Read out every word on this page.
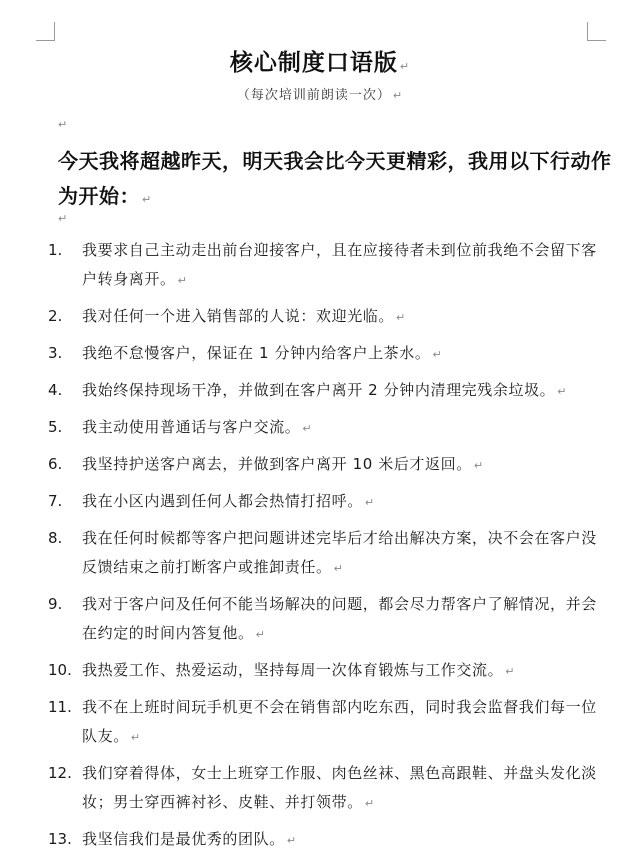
核心制度口语版 ↵
（每次培训前朗读一次） ↵
↵
今天我将超越昨天，明天我会比今天更精彩，我用以下行动作为开始： ↵
↵
1.	我要求自己主动走出前台迎接客户，且在应接待者未到位前我绝不会留下客户转身离开。 ↵
2.	我对任何一个进入销售部的人说：欢迎光临。 ↵
3.	我绝不怠慢客户，保证在 1 分钟内给客户上茶水。 ↵
4.	我始终保持现场干净，并做到在客户离开 2 分钟内清理完残余垃圾。 ↵
5.	我主动使用普通话与客户交流。 ↵
6.	我坚持护送客户离去，并做到客户离开 10 米后才返回。 ↵
7.	我在小区内遇到任何人都会热情打招呼。 ↵
8.	我在任何时候都等客户把问题讲述完毕后才给出解决方案，决不会在客户没反馈结束之前打断客户或推卸责任。 ↵
9.	我对于客户问及任何不能当场解决的问题，都会尽力帮客户了解情况，并会在约定的时间内答复他。 ↵
10. 我热爱工作、热爱运动，坚持每周一次体育锻炼与工作交流。 ↵
11. 我不在上班时间玩手机更不会在销售部内吃东西，同时我会监督我们每一位队友。 ↵
12. 我们穿着得体，女士上班穿工作服、肉色丝袜、黑色高跟鞋、并盘头发化淡妆；男士穿西裤衬衫、皮鞋、并打领带。 ↵
13. 我坚信我们是最优秀的团队。 ↵
